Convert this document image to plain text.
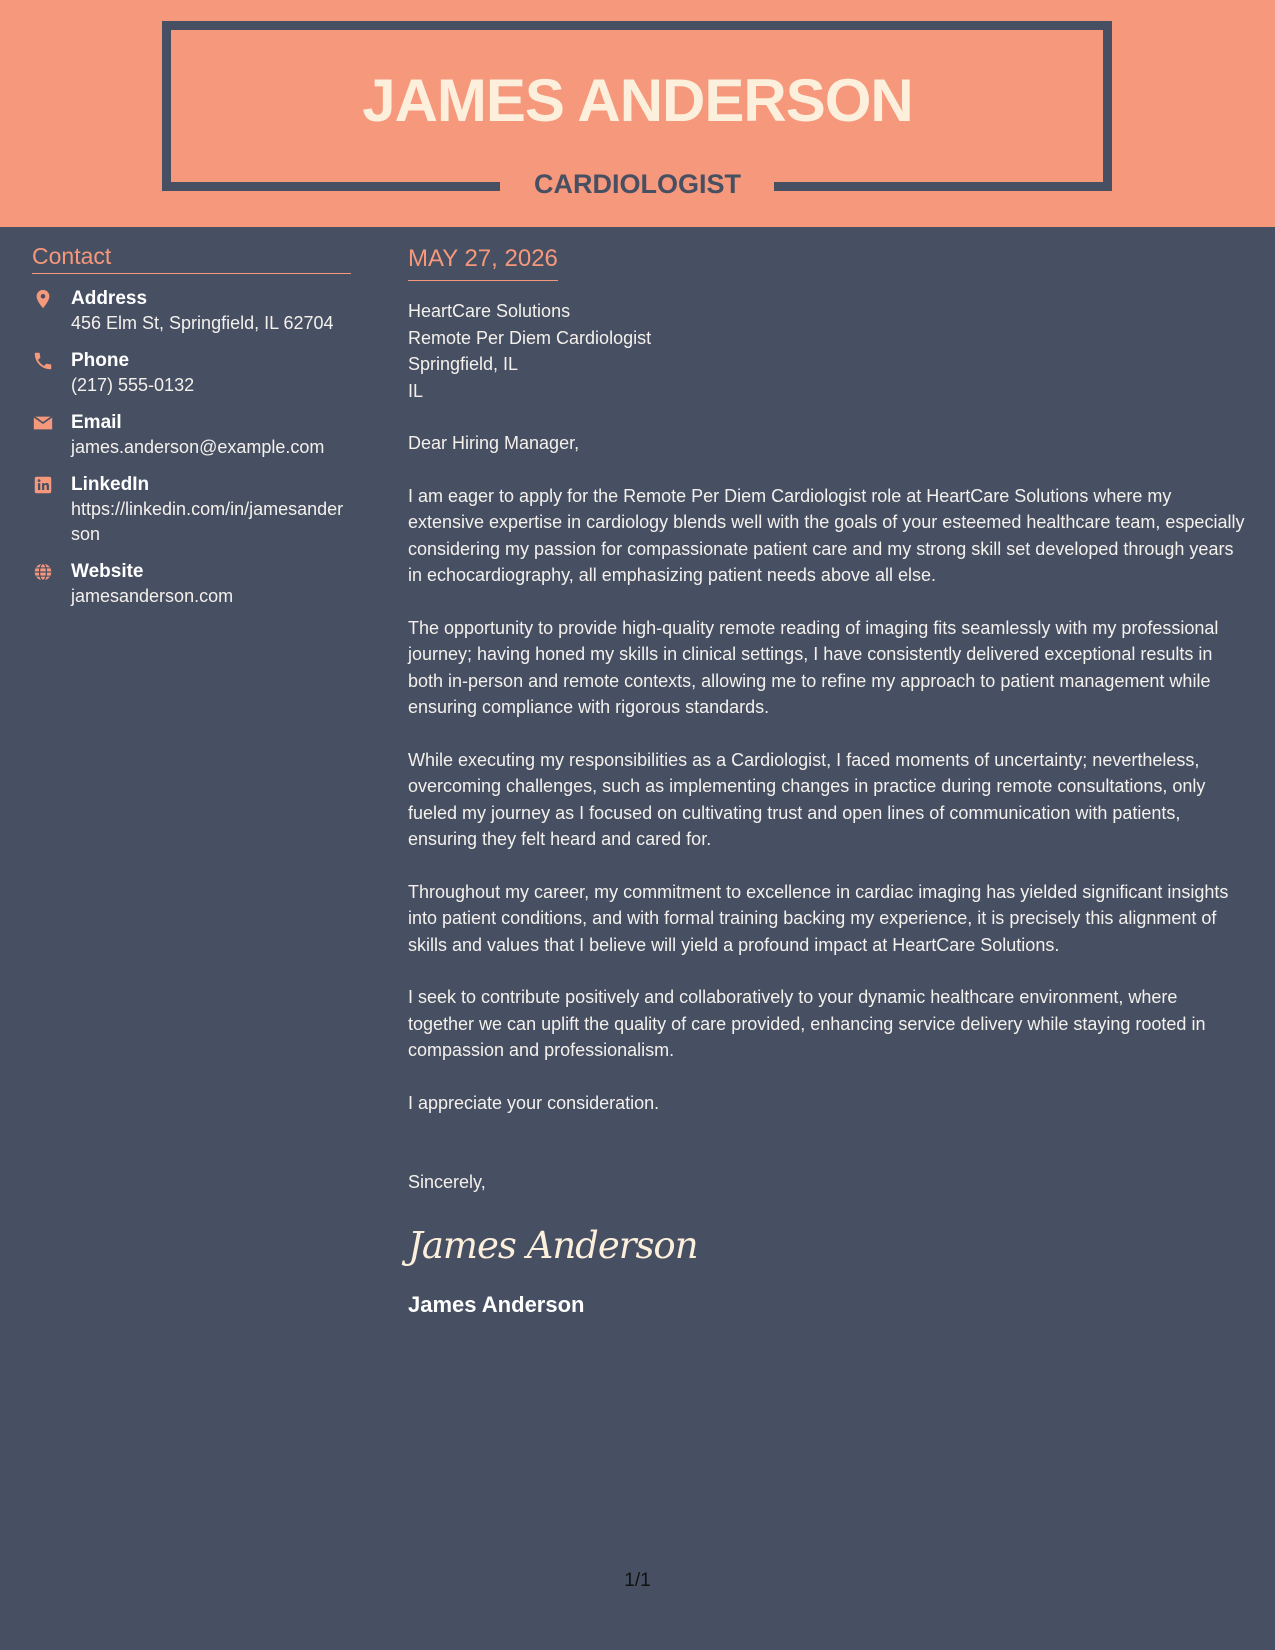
JAMES ANDERSON
CARDIOLOGIST
Contact
Address
456 Elm St, Springfield, IL 62704
Phone
(217) 555-0132
Email
james.anderson@example.com
LinkedIn
https://linkedin.com/in/jamesanderson
Website
jamesanderson.com
MAY 27, 2026
HeartCare Solutions
Remote Per Diem Cardiologist
Springfield, IL
IL

Dear Hiring Manager,

I am eager to apply for the Remote Per Diem Cardiologist role at HeartCare Solutions where my extensive expertise in cardiology blends well with the goals of your esteemed healthcare team, especially considering my passion for compassionate patient care and my strong skill set developed through years in echocardiography, all emphasizing patient needs above all else.

The opportunity to provide high-quality remote reading of imaging fits seamlessly with my professional journey; having honed my skills in clinical settings, I have consistently delivered exceptional results in both in-person and remote contexts, allowing me to refine my approach to patient management while ensuring compliance with rigorous standards.

While executing my responsibilities as a Cardiologist, I faced moments of uncertainty; nevertheless, overcoming challenges, such as implementing changes in practice during remote consultations, only fueled my journey as I focused on cultivating trust and open lines of communication with patients, ensuring they felt heard and cared for.

Throughout my career, my commitment to excellence in cardiac imaging has yielded significant insights into patient conditions, and with formal training backing my experience, it is precisely this alignment of skills and values that I believe will yield a profound impact at HeartCare Solutions.

I seek to contribute positively and collaboratively to your dynamic healthcare environment, where together we can uplift the quality of care provided, enhancing service delivery while staying rooted in compassion and professionalism.

I appreciate your consideration.

Sincerely,

James Anderson
James Anderson
1/1
